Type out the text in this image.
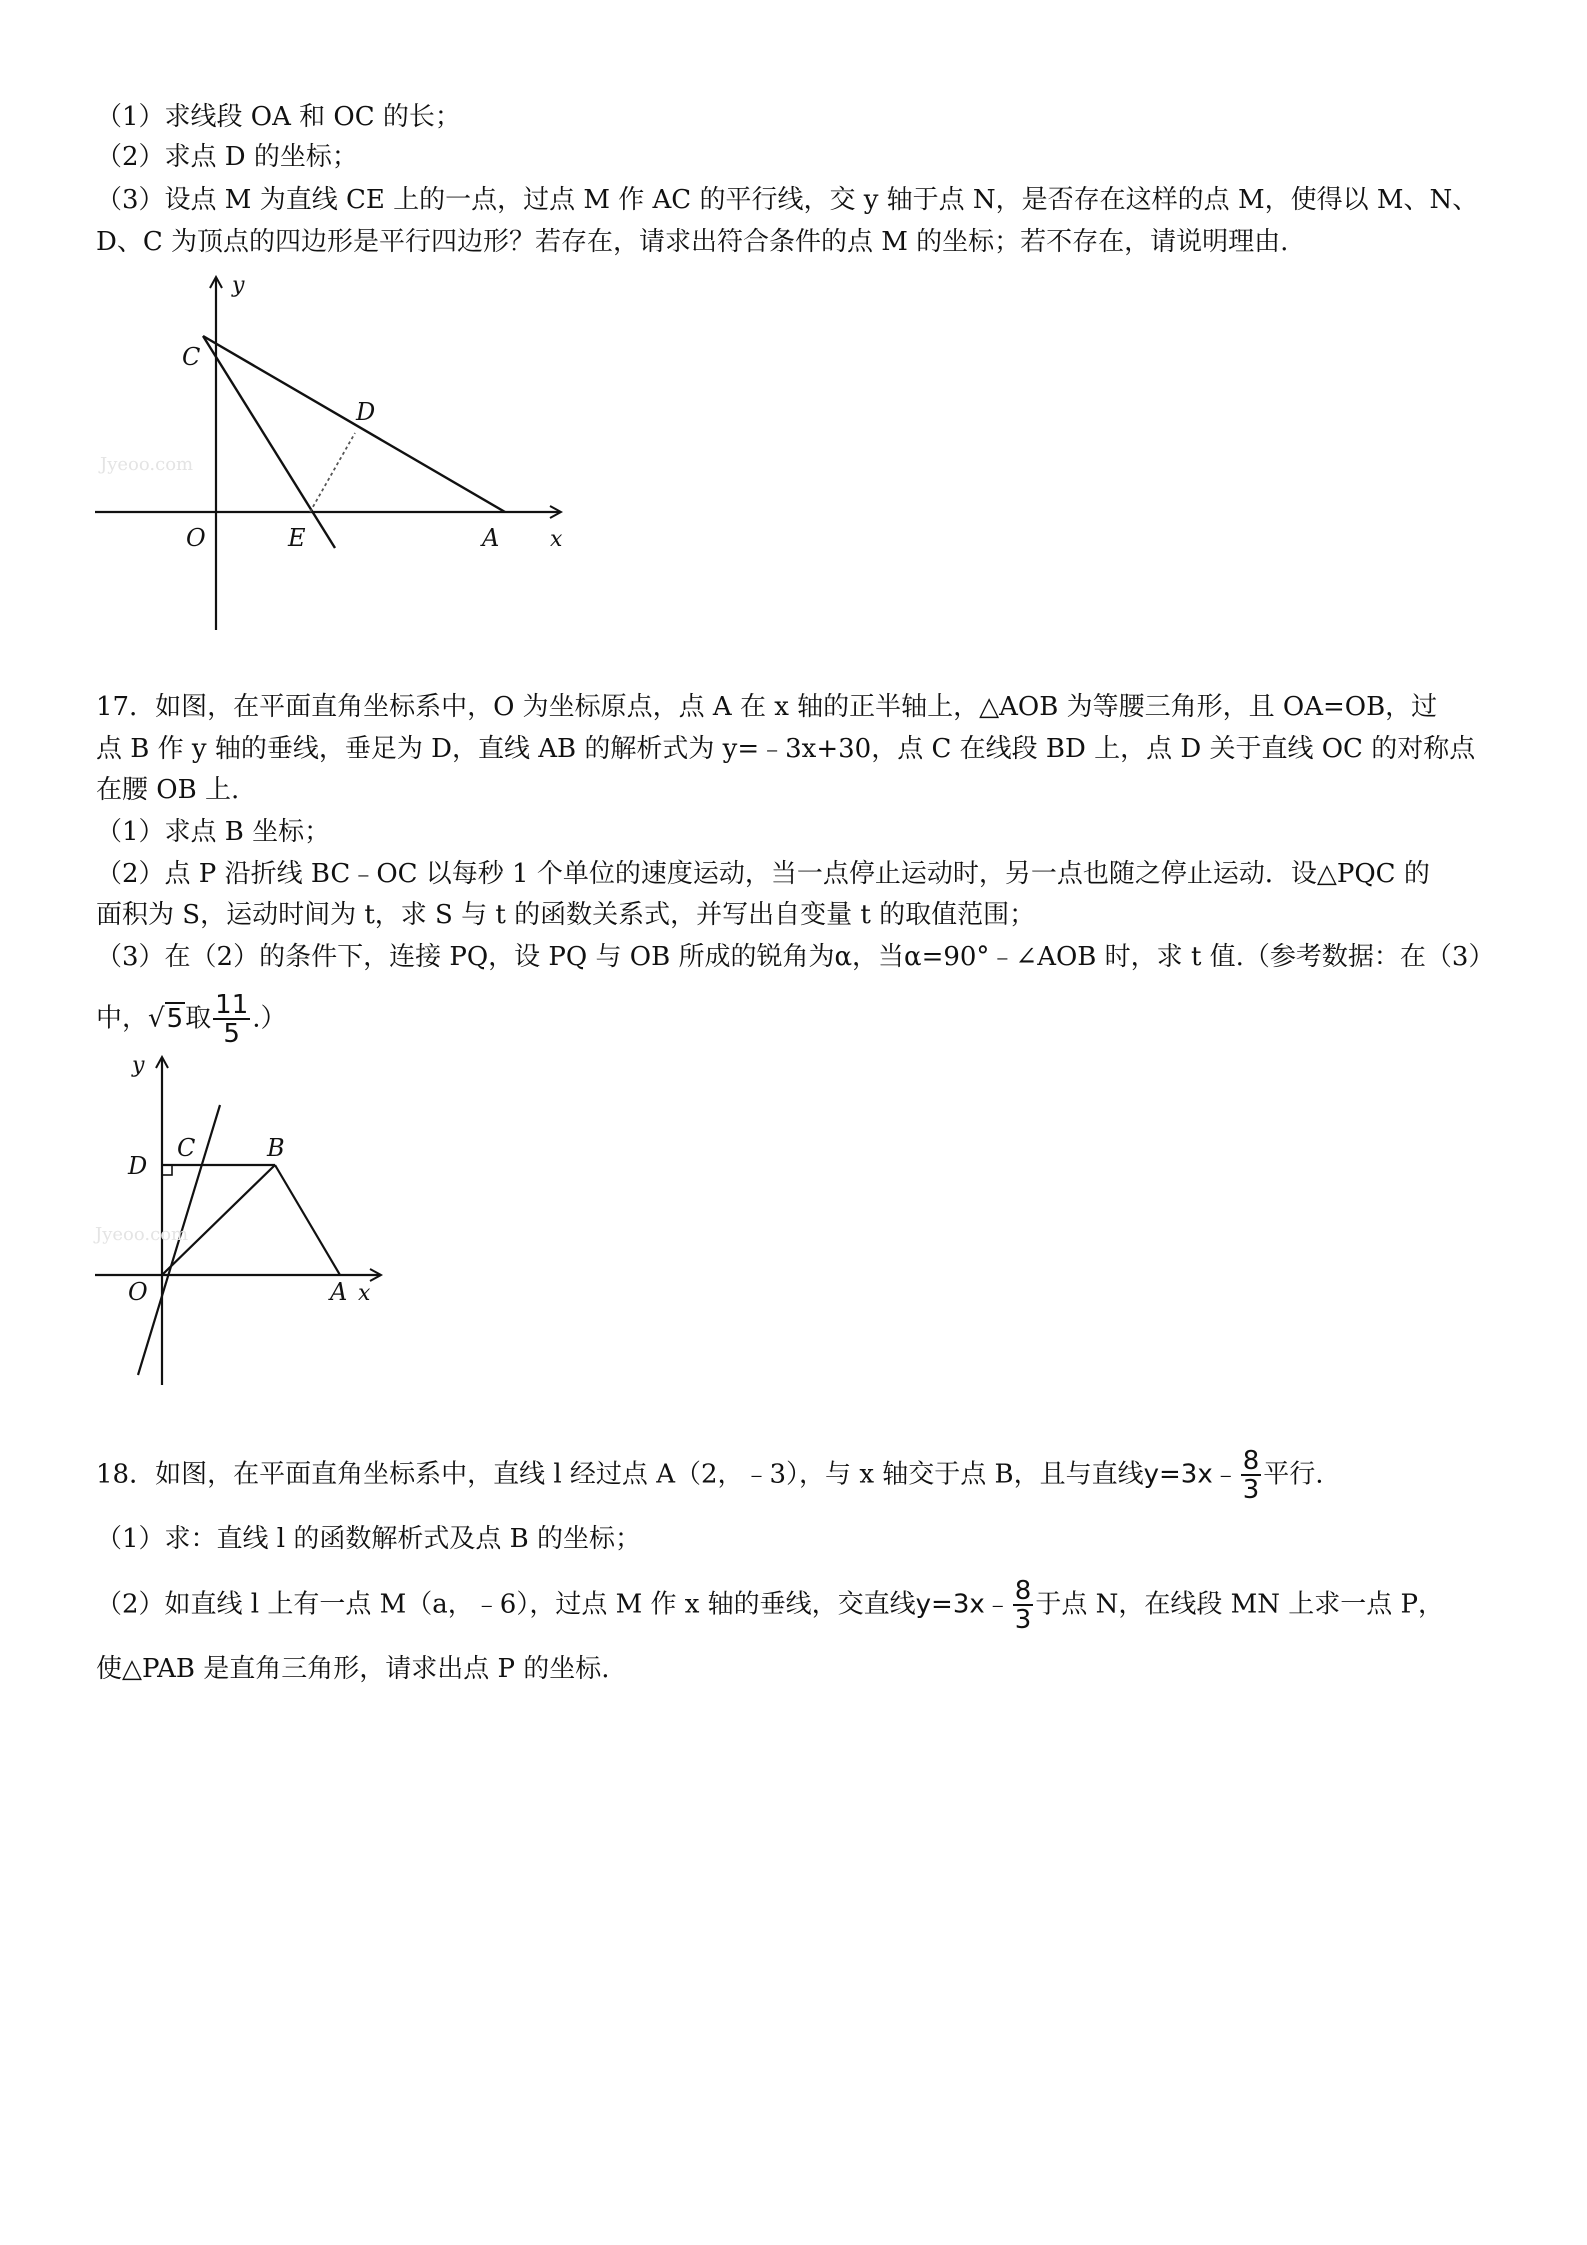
（1）求线段 OA 和 OC 的长；
（2）求点 D 的坐标；
（3）设点 M 为直线 CE 上的一点，过点 M 作 AC 的平行线，交 y 轴于点 N，是否存在这样的点 M，使得以 M、N、
D、C 为顶点的四边形是平行四边形？若存在，请求出符合条件的点 M 的坐标；若不存在，请说明理由.
Jyeoo.com
y
C
D
O	E	A x
17．如图，在平面直角坐标系中，O 为坐标原点，点 A 在 x 轴的正半轴上，△AOB 为等腰三角形，且 OA=OB，过
点 B 作 y 轴的垂线，垂足为 D，直线 AB 的解析式为 y=﹣3x+30，点 C 在线段 BD 上，点 D 关于直线 OC 的对称点
在腰 OB 上.
（1）求点 B 坐标；
（2）点 P 沿折线 BC﹣OC 以每秒 1 个单位的速度运动，当一点停止运动时，另一点也随之停止运动．设△PQC 的
面积为 S，运动时间为 t，求 S 与 t 的函数关系式，并写出自变量 t 的取值范围；
（3）在（2）的条件下，连接 PQ，设 PQ 与 OB 所成的锐角为α，当α=90°﹣∠AOB 时，求 t 值.（参考数据：在（3）
中，√5取 $\frac{11}{5}$ .）
Jyeoo.com
y
D
C	B
O	A x
18．如图，在平面直角坐标系中，直线 l 经过点 A（2，﹣3），与 x 轴交于点 B，且与直线y=3x﹣ $\frac{8}{3}$ 平行.
（1）求：直线 l 的函数解析式及点 B 的坐标；
（2）如直线 l 上有一点 M（a，﹣6），过点 M 作 x 轴的垂线，交直线y=3x﹣ $\frac{8}{3}$ 于点 N，在线段 MN 上求一点 P，
使△PAB 是直角三角形，请求出点 P 的坐标.
